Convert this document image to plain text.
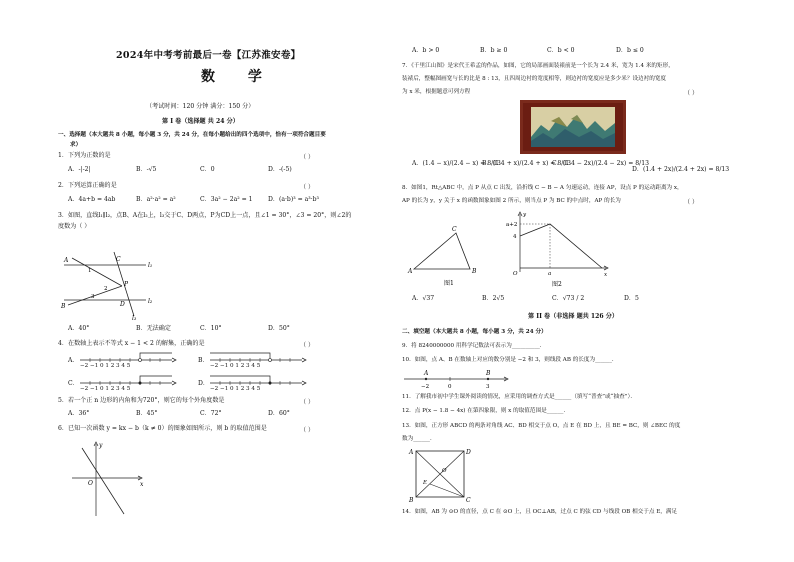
2024年中考考前最后一卷【江苏淮安卷】
数 学
（考试时间：120 分钟 满分：150 分）
第 I 卷（选择题 共 24 分）
一、选择题（本大题共 8 小题，每小题 3 分，共 24 分，在每小题给出的四个选项中，恰有一项符合题目要
求）
1．下列为正数的是	（ ）
A．-|-2|	B．-√5	C．0	D．-(-5)
2．下列运算正确的是	（ ）
A．4a+b = 4ab	B．a²·a² = a²	C．3a² − 2a² = 1	D．(a·b)³ = a³·b³
3．如图，直线l₁∥l₂，点B、A在l₂上，l₃交于C、D两点，P为CD上一点，且∠1 = 30°，∠3 = 20°，则∠2的
度数为（ ）
l₁
l₂
l₃
C
D
P
B
A
1
2
3
A．40°	B．无法确定	C．10°	D．50°
4．在数轴上表示不等式 x − 1 < 2 的解集，正确的是	（ ）
A．	B．
C．	D．
−2 −1 0 1 2 3 4 5	−2 −1 0 1 2 3 4 5
−2 −1 0 1 2 3 4 5	−2 −1 0 1 2 3 4 5
5．若一个正 n 边形的内角和为720°，则它的每个外角度数是	（ ）
A．36°	B．45°	C．72°	D．60°
6．已知一次函数 y = kx − b（k ≠ 0）的图象如图所示，则 b 的取值范围是	（ ）
y
x
O
A．b > 0	B．b ≥ 0	C．b < 0	D．b ≤ 0
7．《千里江山图》是宋代王希孟的作品，如图，它的局部画面装裱前是一个长为 2.4 米，宽为 1.4 米的矩形，
装裱后，整幅图画宽与长的比是 8 : 13，且四周边衬的宽度相等，则边衬的宽度应是多少米？设边衬的宽度
为 x 米，根据题意可列方程	（ ）
A．(1.4 − x)/(2.4 − x) = 8/13
B．(1.4 + x)/(2.4 + x) = 8/13
C．(1.4 − 2x)/(2.4 − 2x) = 8/13
D．(1.4 + 2x)/(2.4 + 2x) = 8/13
8．如图1，Rt△ABC 中，点 P 从点 C 出发，沿折线 C − B − A 匀速运动，连接 AP，设点 P 的运动距离为 x，
AP 的长为 y，y 关于 x 的函数图象如图 2 所示，则当点 P 为 BC 的中点时，AP 的长为	（ ）
A
C
B
图1
a+2
4
O	a	x
y
图2
A．√37	B．2√5	C．√73 / 2	D．5
第 II 卷（非选择 题共 126 分）
二、填空题（本大题共 8 小题，每小题 3 分，共 24 分）
9．将 8240000000 用科学记数法可表示为__________．
10．如图，点 A、B 在数轴上对应的数分别是 −2 和 3，则线段 AB 的长度为______．
A	B
−2	0	3
11．了解我市初中学生课外阅读的情况，应采用的调查方式是______（填写“普查”或“抽查”）．
12．点 P(x − 1.8 − 4x) 在第四象限，则 x 的取值范围是______．
13．如图，正方形 ABCD 的两条对角线 AC、BD 相交于点 O，点 E 在 BD 上，且 BE = BC，则 ∠BEC 的度
数为______．
A	D
B	C
E
O
14．如图，AB 为 ⊙O 的直径，点 C 在 ⊙O 上，且 OC⊥AB，过点 C 的弦 CD 与线段 OB 相交于点 E，满足
